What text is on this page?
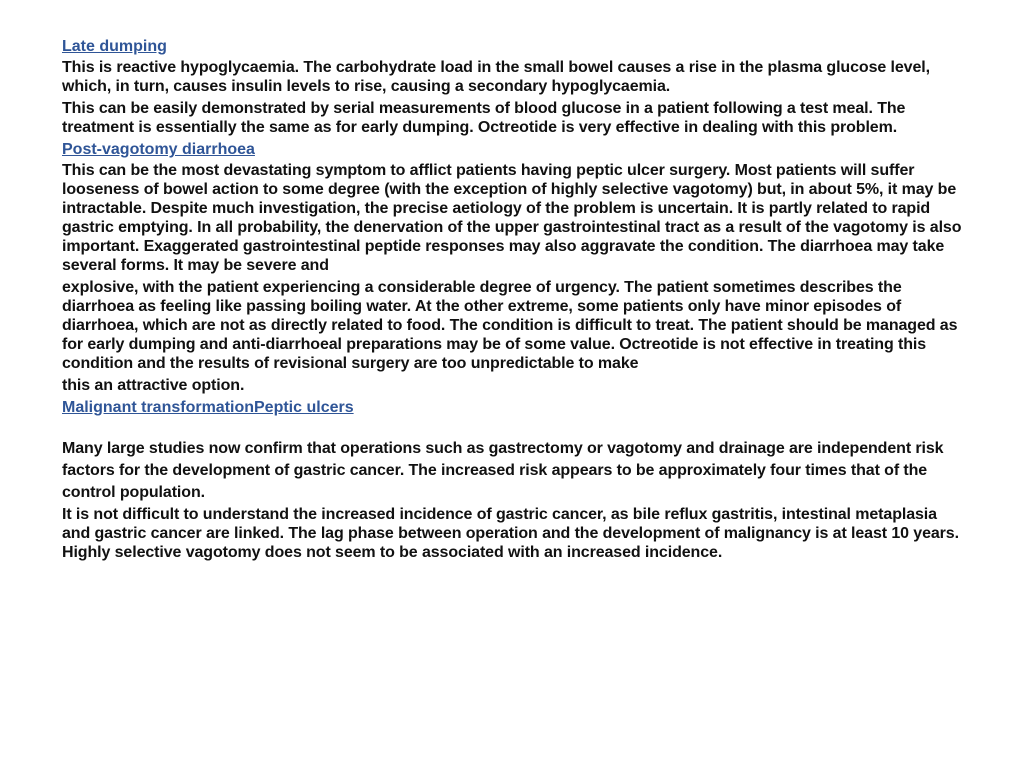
Late dumping

This is reactive hypoglycaemia. The carbohydrate load in the small bowel causes a rise in the plasma glucose level, which, in turn, causes insulin levels to rise, causing a secondary hypoglycaemia.

This can be easily demonstrated by serial measurements of blood glucose in a patient following a test meal. The treatment is essentially the same as for early dumping. Octreotide is very effective in dealing with this problem.

Post-vagotomy diarrhoea

This can be the most devastating symptom to afflict patients having peptic ulcer surgery. Most patients will suffer looseness of bowel action to some degree (with the exception of highly selective vagotomy) but, in about 5%, it may be intractable. Despite much investigation, the precise aetiology of the problem is uncertain. It is partly related to rapid gastric emptying. In all probability, the denervation of the upper gastrointestinal tract as a result of the vagotomy is also important. Exaggerated gastrointestinal peptide responses may also aggravate the condition. The diarrhoea may take several forms. It may be severe and

explosive, with the patient experiencing a considerable degree of urgency. The patient sometimes describes the diarrhoea as feeling like passing boiling water. At the other extreme, some patients only have minor episodes of diarrhoea, which are not as directly related to food. The condition is difficult to treat. The patient should be managed as for early dumping and anti-diarrhoeal preparations may be of some value. Octreotide is not effective in treating this condition and the results of revisional surgery are too unpredictable to make

this an attractive option.

Malignant transformationPeptic ulcers

Many large studies now confirm that operations such as gastrectomy or vagotomy and drainage are independent risk

factors for the development of gastric cancer. The increased risk appears to be approximately four times that of the

control population.

It is not difficult to understand the increased incidence of gastric cancer, as bile reflux gastritis, intestinal metaplasia and gastric cancer are linked. The lag phase between operation and the development of malignancy is at least 10 years. Highly selective vagotomy does not seem to be associated with an increased incidence.
